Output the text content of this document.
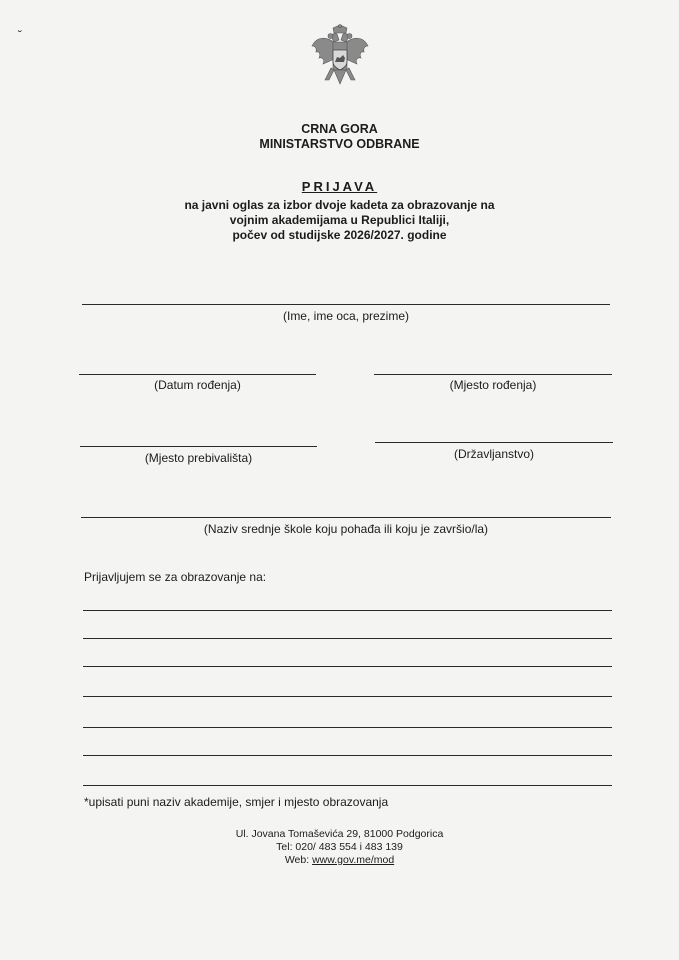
˘
CRNA GORA
MINISTARSTVO ODBRANE
PRIJAVA
na javni oglas za izbor dvoje kadeta za obrazovanje na
vojnim akademijama u Republici Italiji,
počev od studijske 2026/2027. godine
(Ime, ime oca, prezime)
(Datum rođenja)	(Mjesto rođenja)
(Mjesto prebivališta)	(Državljanstvo)
(Naziv srednje škole koju pohađa ili koju je završio/la)
Prijavljujem se za obrazovanje na:
*upisati puni naziv akademije, smjer i mjesto obrazovanja
Ul. Jovana Tomaševića 29, 81000 Podgorica
Tel: 020/ 483 554 i 483 139
Web: www.gov.me/mod
